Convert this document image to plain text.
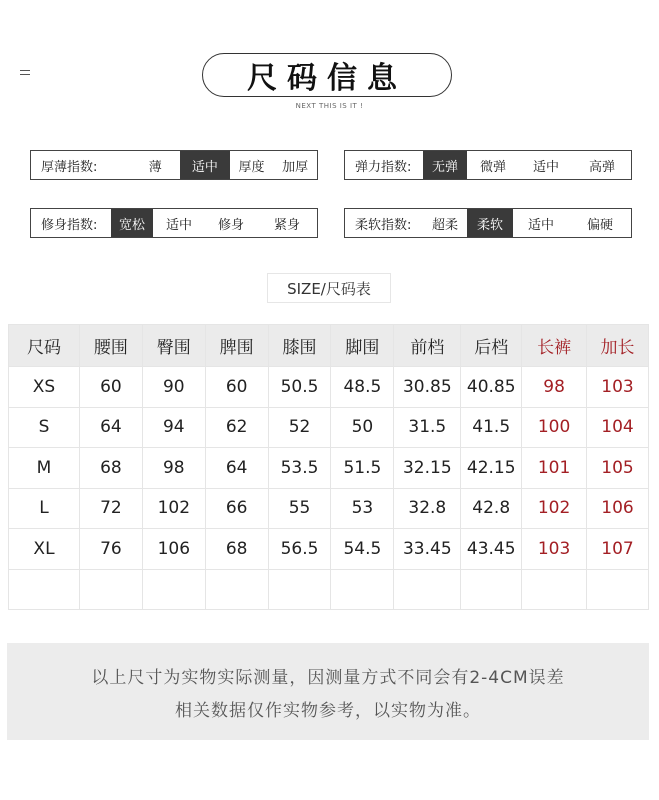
尺码信息
NEXT THIS IS IT !
厚薄指数:	薄	适中	厚度	加厚	弹力指数:	无弹	微弹	适中	高弹
修身指数:	宽松	适中	修身	紧身	柔软指数:	超柔	柔软	适中	偏硬
SIZE/尺码表
尺码	腰围	臀围	脾围	膝围	脚围	前档	后档	长裤	加长
XS	60	90	60	50.5	48.5	30.85	40.85	98	103
S	64	94	62	52	50	31.5	41.5	100	104
M	68	98	64	53.5	51.5	32.15	42.15	101	105
L	72	102	66	55	53	32.8	42.8	102	106
XL	76	106	68	56.5	54.5	33.45	43.45	103	107

以上尺寸为实物实际测量，因测量方式不同会有2-4CM误差
相关数据仅作实物参考，以实物为准。
